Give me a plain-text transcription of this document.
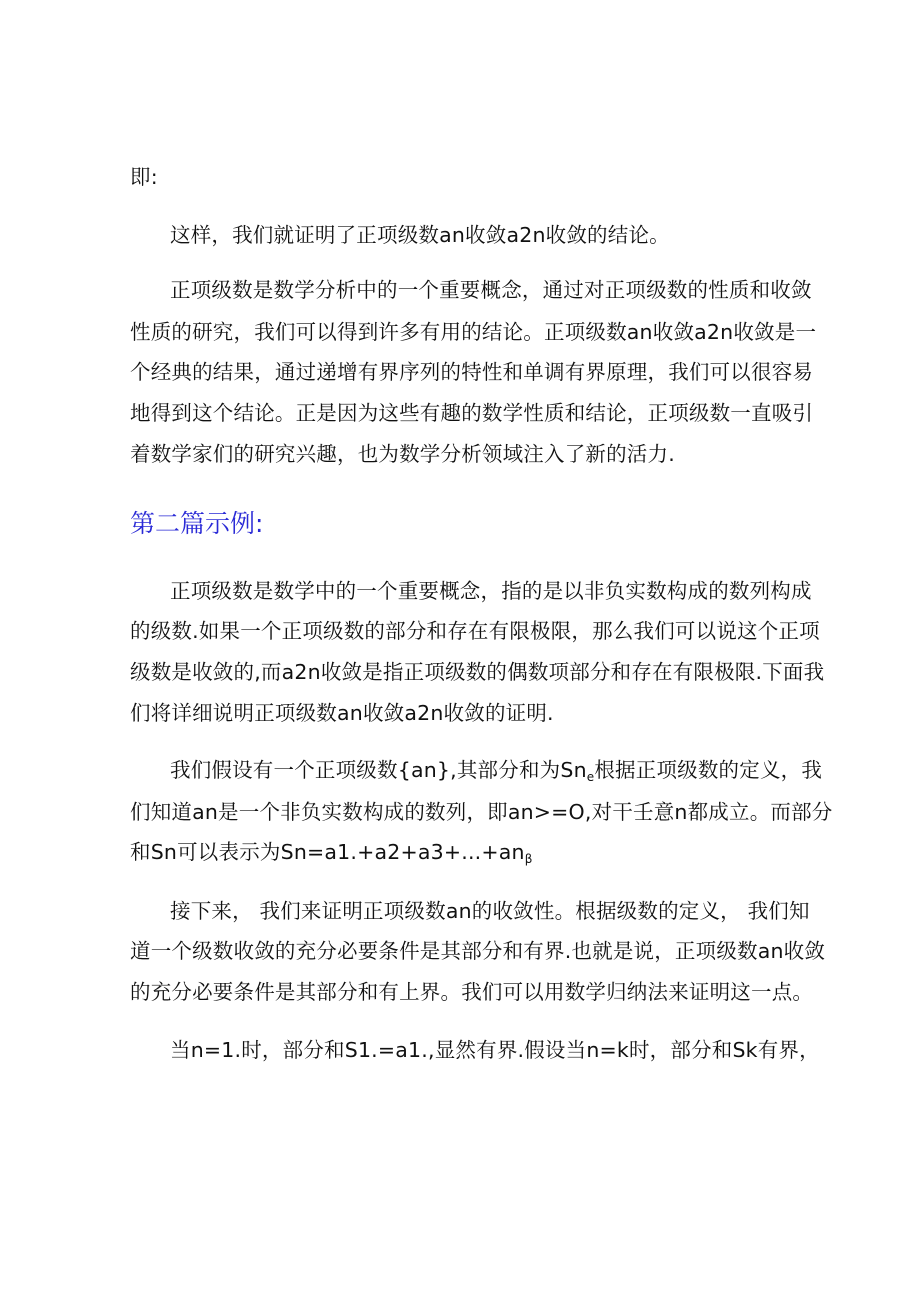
即:
这样，我们就证明了正项级数an收敛a2n收敛的结论。
正项级数是数学分析中的一个重要概念，通过对正项级数的性质和收敛
性质的研究，我们可以得到许多有用的结论。正项级数an收敛a2n收敛是一
个经典的结果，通过递增有界序列的特性和单调有界原理，我们可以很容易
地得到这个结论。正是因为这些有趣的数学性质和结论，正项级数一直吸引
着数学家们的研究兴趣，也为数学分析领域注入了新的活力.
第二篇示例:
正项级数是数学中的一个重要概念，指的是以非负实数构成的数列构成
的级数.如果一个正项级数的部分和存在有限极限，那么我们可以说这个正项
级数是收敛的,而a2n收敛是指正项级数的偶数项部分和存在有限极限.下面我
们将详细说明正项级数an收敛a2n收敛的证明.
我们假设有一个正项级数{an},其部分和为$Sn_e$根据正项级数的定义，我
们知道an是一个非负实数构成的数列，即an>=O,对干壬意n都成立。而部分
和Sn可以表示为$Sn=a1.+a2+a3+...+an_\beta$
接下来， 我们来证明正项级数an的收敛性。根据级数的定义， 我们知
道一个级数收敛的充分必要条件是其部分和有界.也就是说，正项级数an收敛
的充分必要条件是其部分和有上界。我们可以用数学归纳法来证明这一点。
当n=1.时，部分和S1.=a1.,显然有界.假设当n=k时，部分和Sk有界，
